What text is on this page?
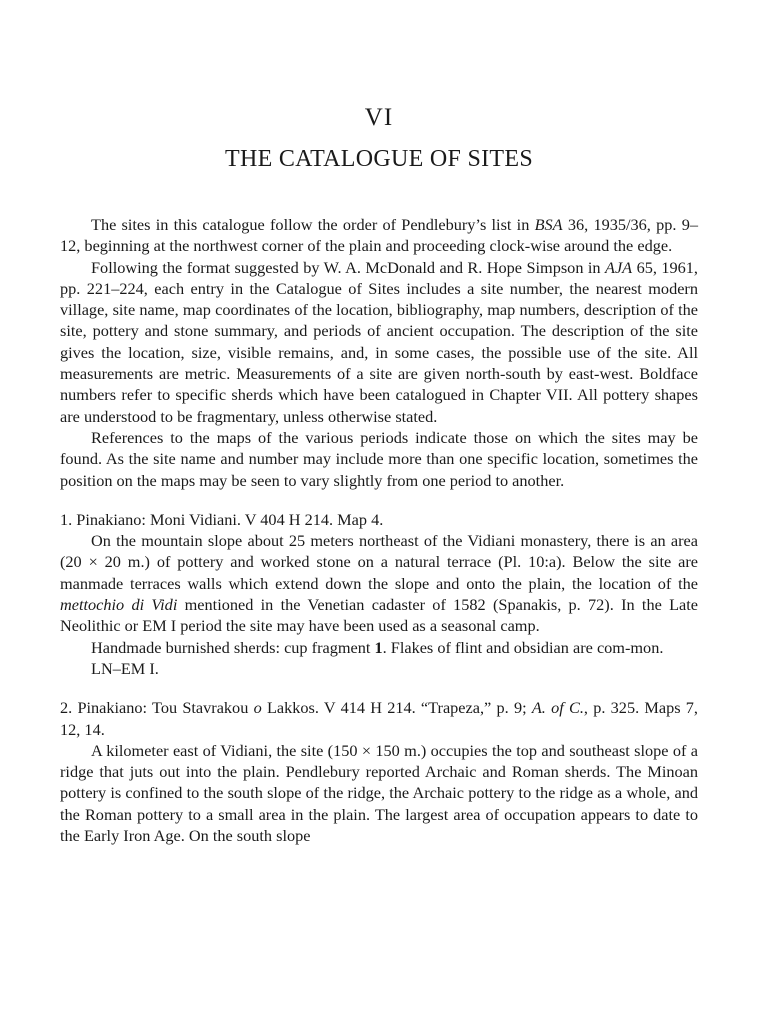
VI
THE CATALOGUE OF SITES

The sites in this catalogue follow the order of Pendlebury’s list in BSA 36, 1935/36, pp. 9–12, beginning at the northwest corner of the plain and proceeding clock-wise around the edge.

Following the format suggested by W. A. McDonald and R. Hope Simpson in AJA 65, 1961, pp. 221–224, each entry in the Catalogue of Sites includes a site number, the nearest modern village, site name, map coordinates of the location, bibliography, map numbers, description of the site, pottery and stone summary, and periods of ancient occupation. The description of the site gives the location, size, visible remains, and, in some cases, the possible use of the site. All measurements are metric. Measurements of a site are given north-south by east-west. Boldface numbers refer to specific sherds which have been catalogued in Chapter VII. All pottery shapes are understood to be fragmentary, unless otherwise stated.

References to the maps of the various periods indicate those on which the sites may be found. As the site name and number may include more than one specific location, sometimes the position on the maps may be seen to vary slightly from one period to another.

1. Pinakiano: Moni Vidiani. V 404 H 214. Map 4.

On the mountain slope about 25 meters northeast of the Vidiani monastery, there is an area (20 × 20 m.) of pottery and worked stone on a natural terrace (Pl. 10:a). Below the site are manmade terraces walls which extend down the slope and onto the plain, the location of the mettochio di Vidi mentioned in the Venetian cadaster of 1582 (Spanakis, p. 72). In the Late Neolithic or EM I period the site may have been used as a seasonal camp.

Handmade burnished sherds: cup fragment 1. Flakes of flint and obsidian are com-mon.

LN–EM I.

2. Pinakiano: Tou Stavrakou o Lakkos. V 414 H 214. “Trapeza,” p. 9; A. of C., p. 325. Maps 7, 12, 14.

A kilometer east of Vidiani, the site (150 × 150 m.) occupies the top and southeast slope of a ridge that juts out into the plain. Pendlebury reported Archaic and Roman sherds. The Minoan pottery is confined to the south slope of the ridge, the Archaic pottery to the ridge as a whole, and the Roman pottery to a small area in the plain. The largest area of occupation appears to date to the Early Iron Age. On the south slope
